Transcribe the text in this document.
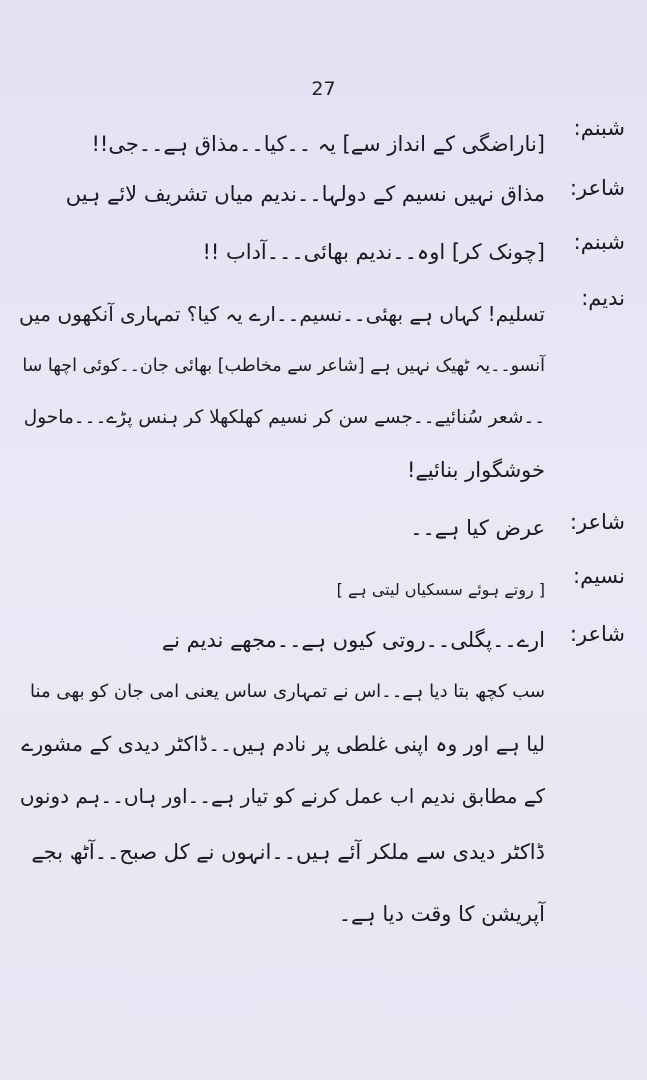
27
شبنم:
[ناراضگی کے انداز سے] یہ ۔۔کیا۔۔مذاق ہے۔۔جی!!
شاعر:
مذاق نہیں نسیم کے دولہا۔۔ندیم میاں تشریف لائے ہیں
شبنم:
[چونک کر] اوہ۔۔ندیم بھائی۔۔۔آداب !!
ندیم:
تسلیم! کہاں ہے بھئی۔۔نسیم۔۔ارے یہ کیا؟ تمہاری آنکھوں میں
آنسو۔۔یہ ٹھیک نہیں ہے [شاعر سے مخاطب] بھائی جان۔۔کوئی اچھا سا
۔۔شعر سُنائیے۔۔جسے سن کر نسیم کھلکھلا کر ہنس پڑے۔۔۔ماحول
خوشگوار بنائیے!
شاعر:
عرض کیا ہے۔۔
نسیم:
[ روتے ہوئے سسکیاں لیتی ہے ]
شاعر:
ارے۔۔پگلی۔۔روتی کیوں ہے۔۔مجھے ندیم نے
سب کچھ بتا دیا ہے۔۔اس نے تمہاری ساس یعنی امی جان کو بھی منا
لیا ہے اور وہ اپنی غلطی پر نادم ہیں۔۔ڈاکٹر دیدی کے مشورے
کے مطابق ندیم اب عمل کرنے کو تیار ہے۔۔اور ہاں۔۔ہم دونوں
ڈاکٹر دیدی سے ملکر آئے ہیں۔۔انہوں نے کل صبح۔۔آٹھ بجے
آپریشن کا وقت دیا ہے۔
